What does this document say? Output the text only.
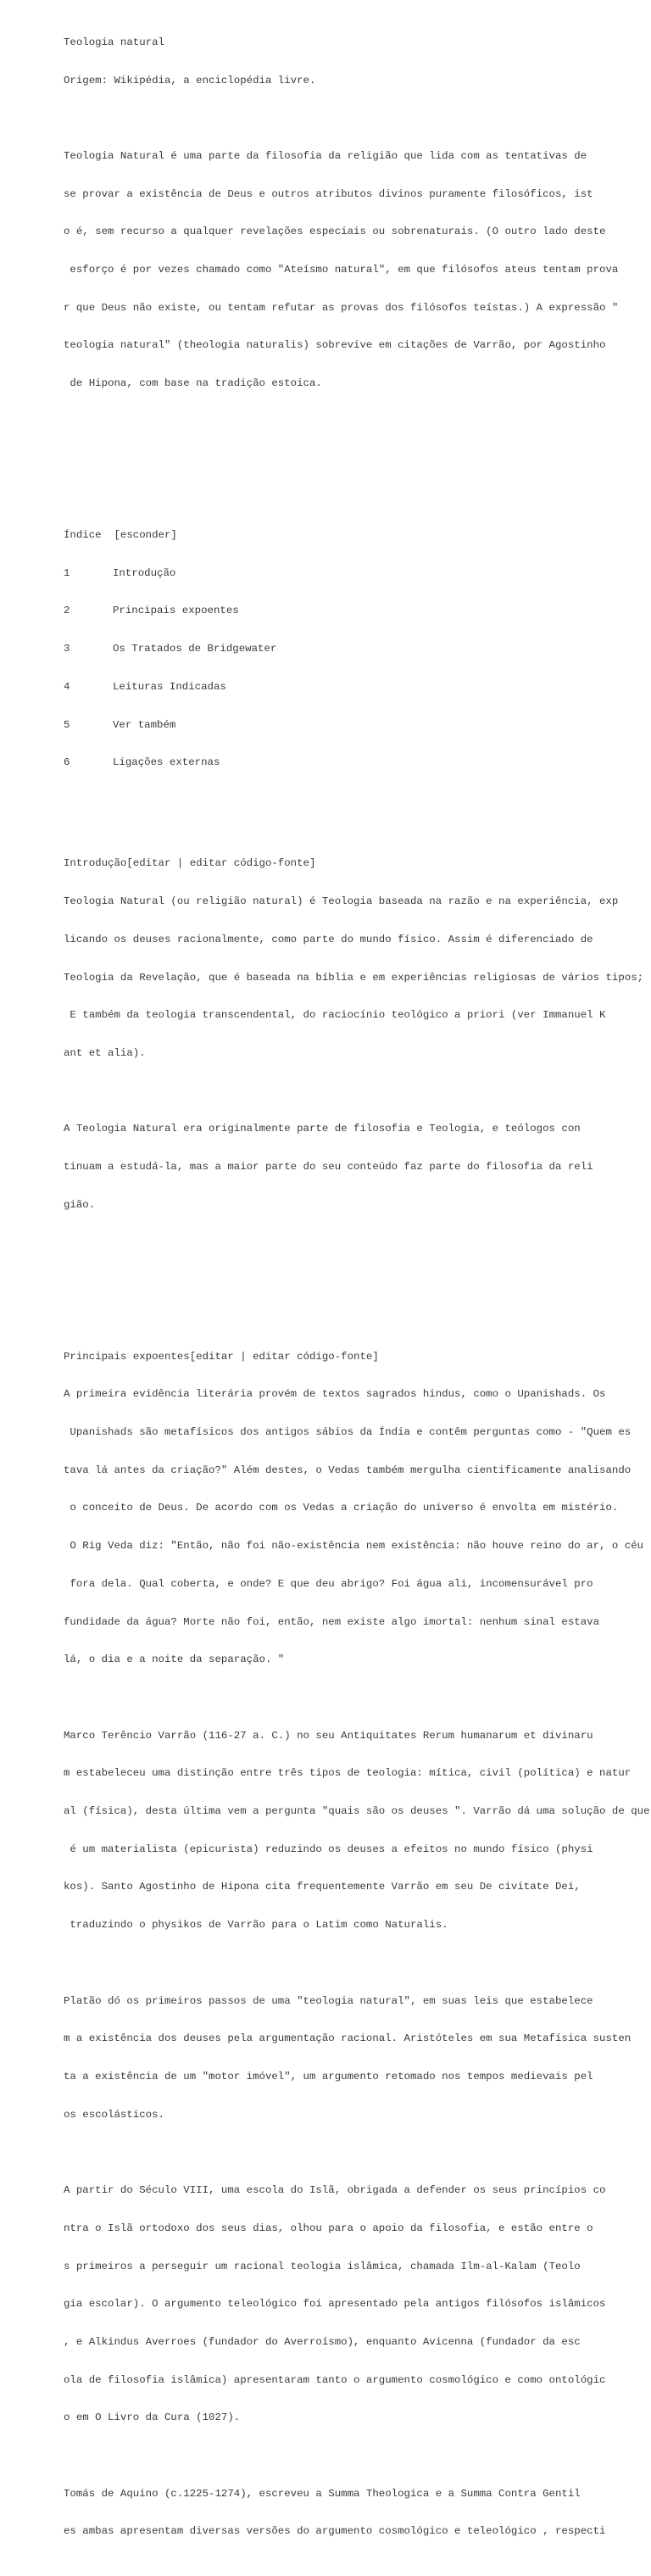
Teologia natural

Origem: Wikipédia, a enciclopédia livre.

Teologia Natural é uma parte da filosofia da religião que lida com as tentativas de

se provar a existência de Deus e outros atributos divinos puramente filosóficos, ist

o é, sem recurso a qualquer revelações especiais ou sobrenaturais. (O outro lado deste

esforço é por vezes chamado como "Ateísmo natural", em que filósofos ateus tentam prova

r que Deus não existe, ou tentam refutar as provas dos filósofos teístas.) A expressão "

teologia natural" (theologia naturalis) sobrevive em citações de Varrão, por Agostinho

de Hipona, com base na tradição estoica.

Índice  [esconder]

1	Introdução

2	Principais expoentes

3	Os Tratados de Bridgewater

4	Leituras Indicadas

5	Ver também

6	Ligações externas

Introdução[editar | editar código-fonte]

Teologia Natural (ou religião natural) é Teologia baseada na razão e na experiência, exp

licando os deuses racionalmente, como parte do mundo físico. Assim é diferenciado de

Teologia da Revelação, que é baseada na bíblia e em experiências religiosas de vários tipos;

E também da teologia transcendental, do raciocínio teológico a priori (ver Immanuel K

ant et alia).

A Teologia Natural era originalmente parte de filosofia e Teologia, e teólogos con

tinuam a estudá-la, mas a maior parte do seu conteúdo faz parte do filosofia da reli

gião.

Principais expoentes[editar | editar código-fonte]

A primeira evidência literária provém de textos sagrados hindus, como o Upanishads. Os

Upanishads são metafísicos dos antigos sábios da Índia e contêm perguntas como - "Quem es

tava lá antes da criação?" Além destes, o Vedas também mergulha cientificamente analisando

o conceito de Deus. De acordo com os Vedas a criação do universo é envolta em mistério.

O Rig Veda diz: "Então, não foi não-existência nem existência: não houve reino do ar, o céu

fora dela. Qual coberta, e onde? E que deu abrigo? Foi água ali, incomensurável pro

fundidade da água? Morte não foi, então, nem existe algo imortal: nenhum sinal estava

lá, o dia e a noite da separação. "

Marco Terêncio Varrão (116-27 a. C.) no seu Antiquitates Rerum humanarum et divinaru

m estabeleceu uma distinção entre três tipos de teologia: mítica, civil (política) e natur

al (física), desta última vem a pergunta "quais são os deuses ". Varrão dá uma solução de que

é um materialista (epicurista) reduzindo os deuses a efeitos no mundo físico (physi

kos). Santo Agostinho de Hipona cita frequentemente Varrão em seu De civitate Dei,

traduzindo o physikos de Varrão para o Latim como Naturalis.

Platão dó os primeiros passos de uma "teologia natural", em suas leis que estabelece

m a existência dos deuses pela argumentação racional. Aristóteles em sua Metafísica susten

ta a existência de um "motor imóvel", um argumento retomado nos tempos medievais pel

os escolásticos.

A partir do Século VIII, uma escola do Islã, obrigada a defender os seus princípios co

ntra o Islã ortodoxo dos seus dias, olhou para o apoio da filosofia, e estão entre o

s primeiros a perseguir um racional teologia islâmica, chamada Ilm-al-Kalam (Teolo

gia escolar). O argumento teleológico foi apresentado pela antigos filósofos islâmicos

, e Alkindus Averroes (fundador do Averroísmo), enquanto Avicenna (fundador da esc

ola de filosofia islâmica) apresentaram tanto o argumento cosmológico e como ontológic

o em O Livro da Cura (1027).

Tomás de Aquino (c.1225-1274), escreveu a Summa Theologica e a Summa Contra Gentil

es ambas apresentam diversas versões do argumento cosmológico e teleológico , respecti
